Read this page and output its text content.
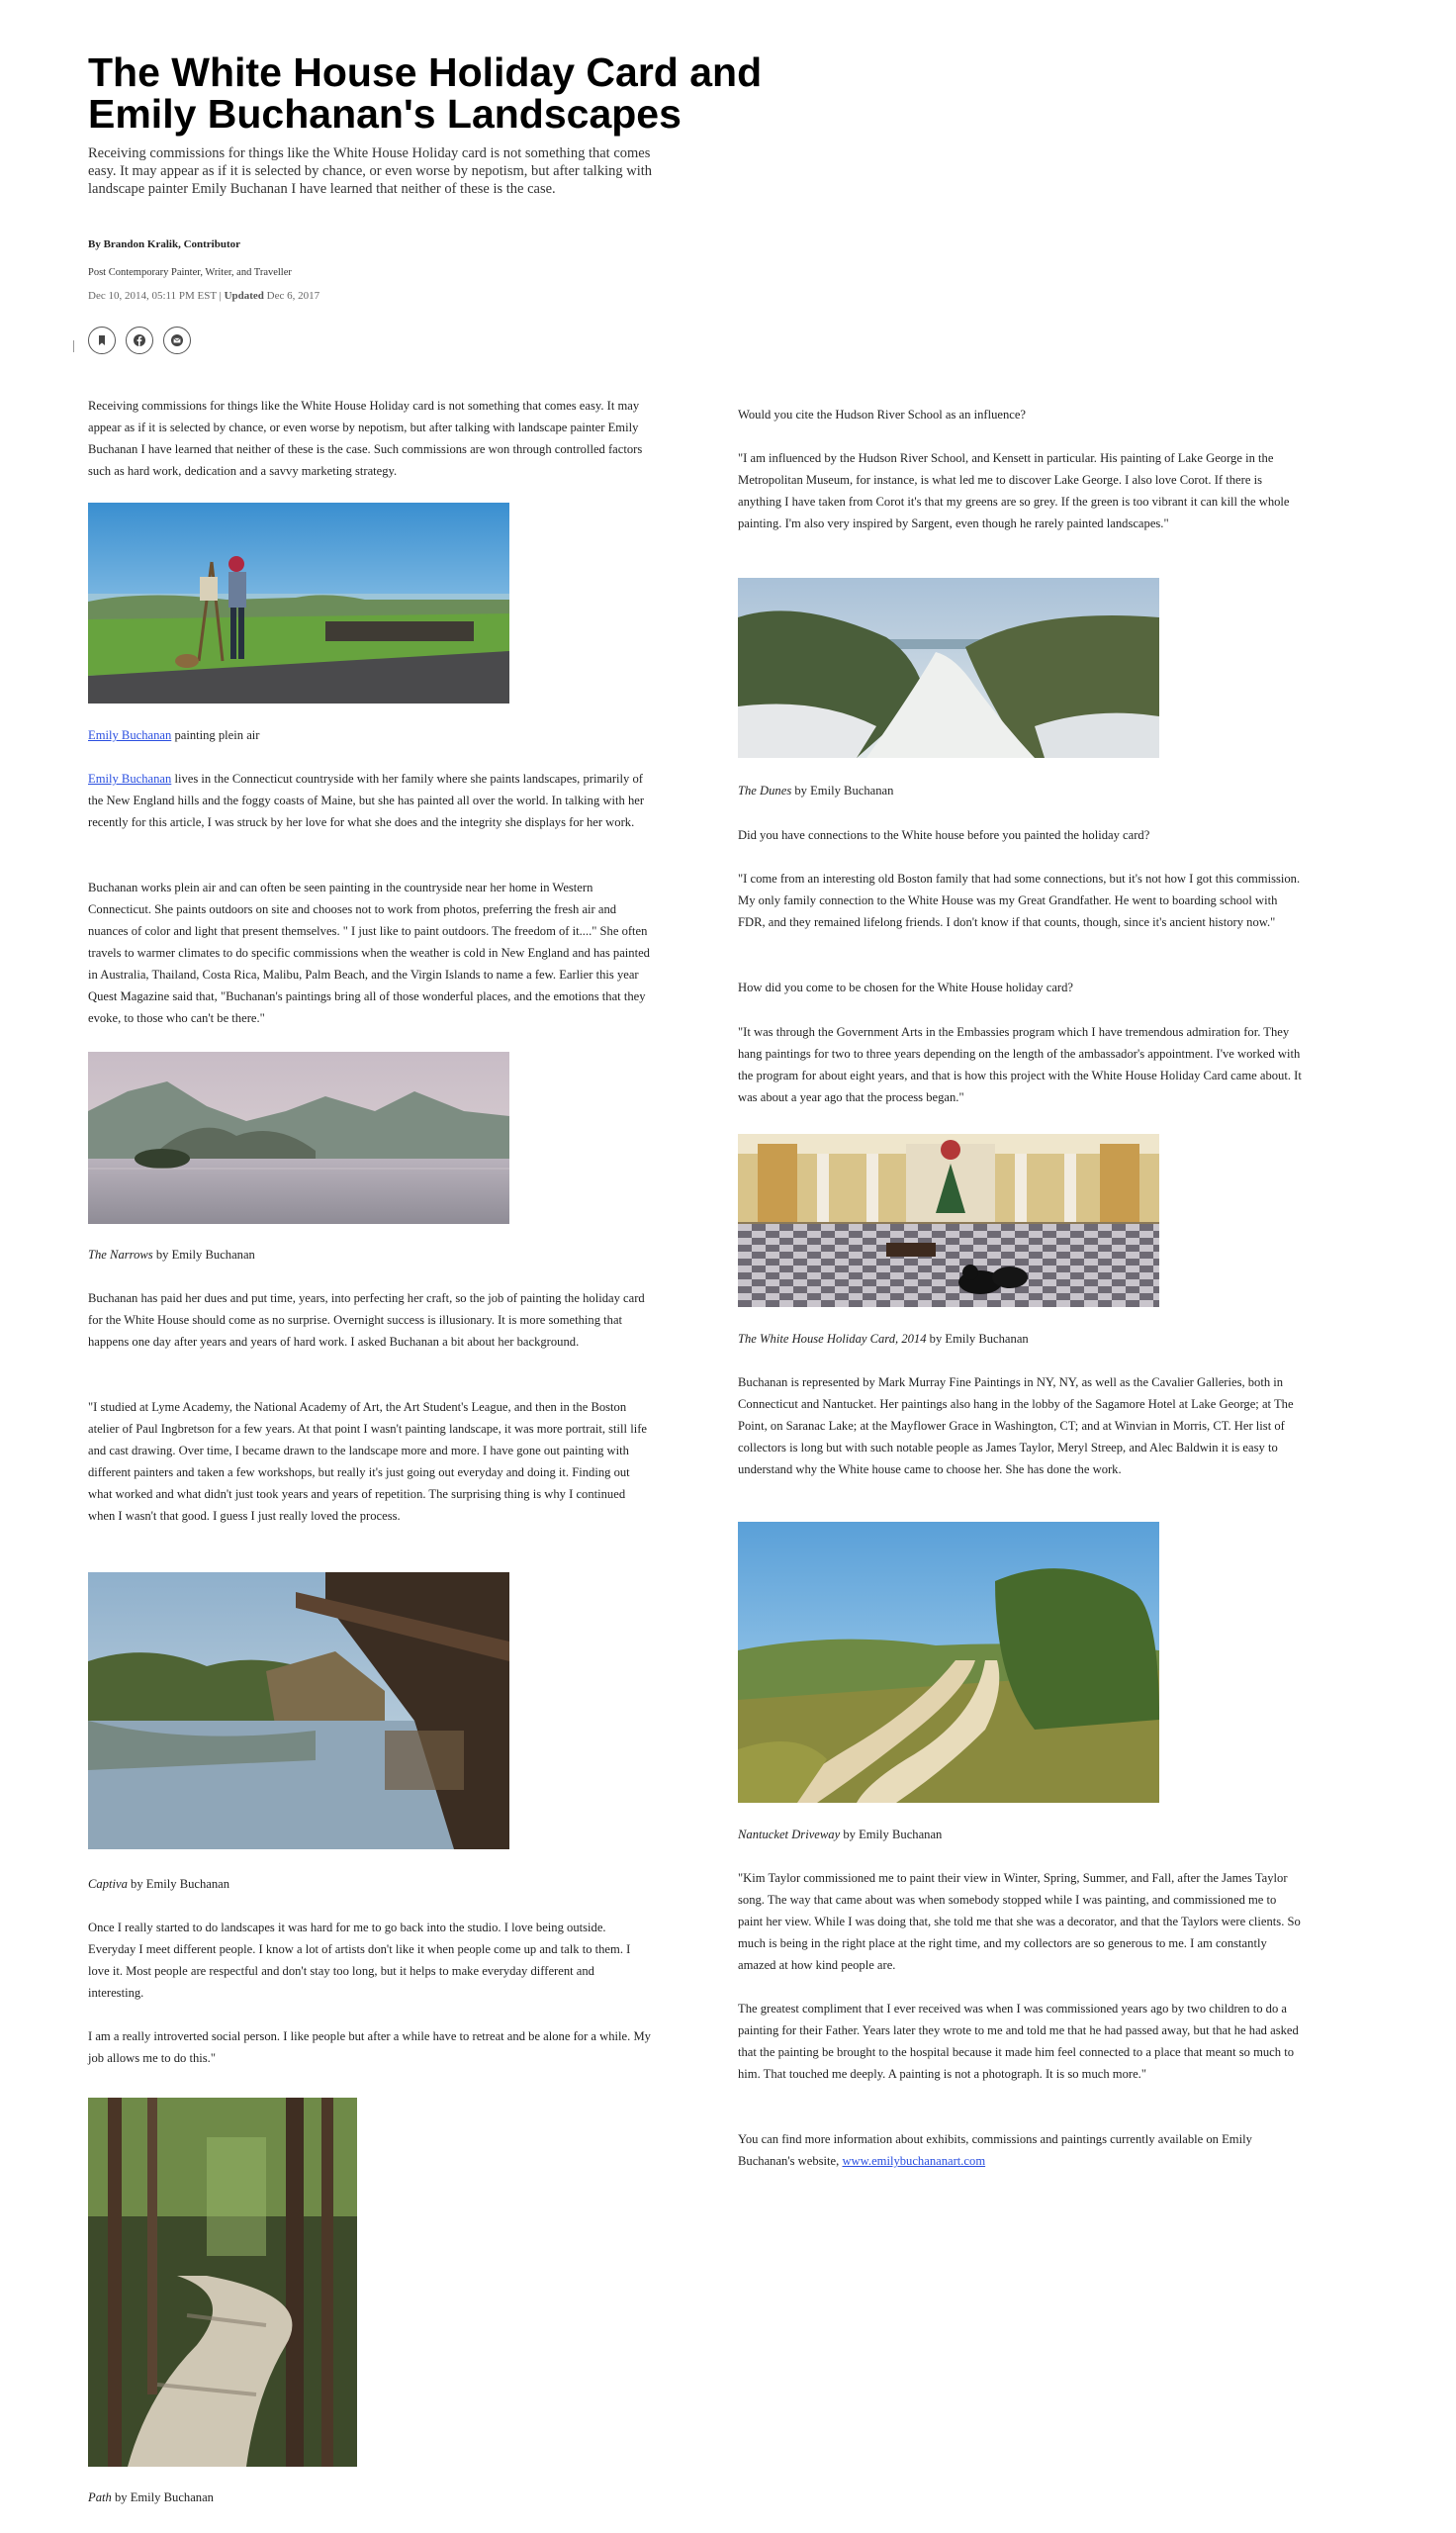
The White House Holiday Card and Emily Buchanan's Landscapes

Receiving commissions for things like the White House Holiday card is not something that comes easy. It may appear as if it is selected by chance, or even worse by nepotism, but after talking with landscape painter Emily Buchanan I have learned that neither of these is the case.

By Brandon Kralik, Contributor

Post Contemporary Painter, Writer, and Traveller

Dec 10, 2014, 05:11 PM EST | Updated Dec 6, 2017

Receiving commissions for things like the White House Holiday card is not something that comes easy. It may appear as if it is selected by chance, or even worse by nepotism, but after talking with landscape painter Emily Buchanan I have learned that neither of these is the case. Such commissions are won through controlled factors such as hard work, dedication and a savvy marketing strategy.

Emily Buchanan painting plein air

Emily Buchanan lives in the Connecticut countryside with her family where she paints landscapes, primarily of the New England hills and the foggy coasts of Maine, but she has painted all over the world. In talking with her recently for this article, I was struck by her love for what she does and the integrity she displays for her work.

Buchanan works plein air and can often be seen painting in the countryside near her home in Western Connecticut. She paints outdoors on site and chooses not to work from photos, preferring the fresh air and nuances of color and light that present themselves. " I just like to paint outdoors. The freedom of it...." She often travels to warmer climates to do specific commissions when the weather is cold in New England and has painted in Australia, Thailand, Costa Rica, Malibu, Palm Beach, and the Virgin Islands to name a few. Earlier this year Quest Magazine said that, "Buchanan's paintings bring all of those wonderful places, and the emotions that they evoke, to those who can't be there."

The Narrows by Emily Buchanan

Buchanan has paid her dues and put time, years, into perfecting her craft, so the job of painting the holiday card for the White House should come as no surprise. Overnight success is illusionary. It is more something that happens one day after years and years of hard work. I asked Buchanan a bit about her background.

"I studied at Lyme Academy, the National Academy of Art, the Art Student's League, and then in the Boston atelier of Paul Ingbretson for a few years. At that point I wasn't painting landscape, it was more portrait, still life and cast drawing. Over time, I became drawn to the landscape more and more. I have gone out painting with different painters and taken a few workshops, but really it's just going out everyday and doing it. Finding out what worked and what didn't just took years and years of repetition. The surprising thing is why I continued when I wasn't that good. I guess I just really loved the process.

Captiva by Emily Buchanan

Once I really started to do landscapes it was hard for me to go back into the studio. I love being outside. Everyday I meet different people. I know a lot of artists don't like it when people come up and talk to them. I love it. Most people are respectful and don't stay too long, but it helps to make everyday different and interesting.

I am a really introverted social person. I like people but after a while have to retreat and be alone for a while. My job allows me to do this."

Path by Emily Buchanan

Would you cite the Hudson River School as an influence?

"I am influenced by the Hudson River School, and Kensett in particular. His painting of Lake George in the Metropolitan Museum, for instance, is what led me to discover Lake George. I also love Corot. If there is anything I have taken from Corot it's that my greens are so grey. If the green is too vibrant it can kill the whole painting. I'm also very inspired by Sargent, even though he rarely painted landscapes."

The Dunes by Emily Buchanan

Did you have connections to the White house before you painted the holiday card?

"I come from an interesting old Boston family that had some connections, but it's not how I got this commission. My only family connection to the White House was my Great Grandfather. He went to boarding school with FDR, and they remained lifelong friends. I don't know if that counts, though, since it's ancient history now."

How did you come to be chosen for the White House holiday card?

"It was through the Government Arts in the Embassies program which I have tremendous admiration for. They hang paintings for two to three years depending on the length of the ambassador's appointment. I've worked with the program for about eight years, and that is how this project with the White House Holiday Card came about. It was about a year ago that the process began."

The White House Holiday Card, 2014 by Emily Buchanan

Buchanan is represented by Mark Murray Fine Paintings in NY, NY, as well as the Cavalier Galleries, both in Connecticut and Nantucket. Her paintings also hang in the lobby of the Sagamore Hotel at Lake George; at The Point, on Saranac Lake; at the Mayflower Grace in Washington, CT; and at Winvian in Morris, CT. Her list of collectors is long but with such notable people as James Taylor, Meryl Streep, and Alec Baldwin it is easy to understand why the White house came to choose her. She has done the work.

Nantucket Driveway by Emily Buchanan

"Kim Taylor commissioned me to paint their view in Winter, Spring, Summer, and Fall, after the James Taylor song. The way that came about was when somebody stopped while I was painting, and commissioned me to paint her view. While I was doing that, she told me that she was a decorator, and that the Taylors were clients. So much is being in the right place at the right time, and my collectors are so generous to me. I am constantly amazed at how kind people are.

The greatest compliment that I ever received was when I was commissioned years ago by two children to do a painting for their Father. Years later they wrote to me and told me that he had passed away, but that he had asked that the painting be brought to the hospital because it made him feel connected to a place that meant so much to him. That touched me deeply. A painting is not a photograph. It is so much more."

You can find more information about exhibits, commissions and paintings currently available on Emily Buchanan's website, www.emilybuchananart.com
